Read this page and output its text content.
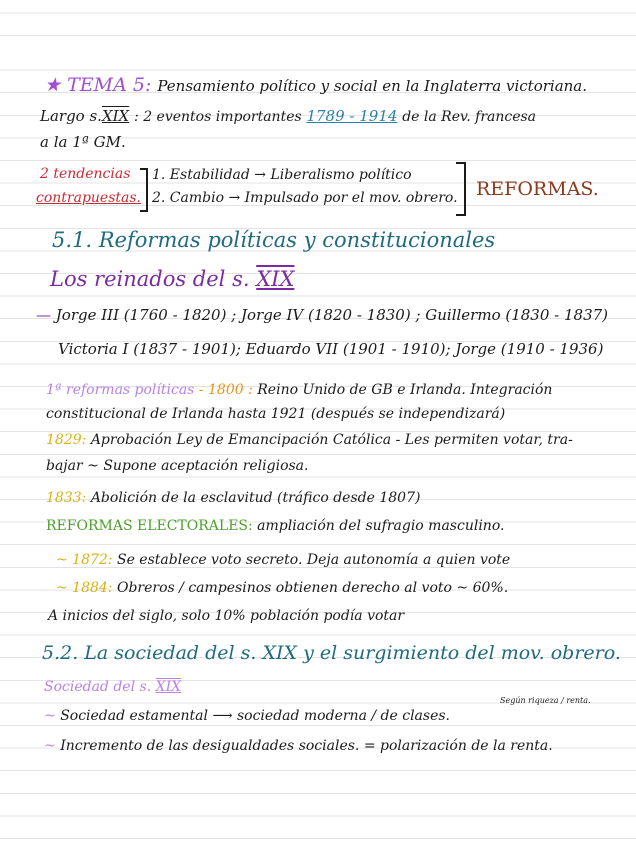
★ TEMA 5: Pensamiento político y social en la Inglaterra victoriana.
Largo s.XIX : 2 eventos importantes 1789 - 1914 de la Rev. francesa
a la 1ª GM.
2 tendencias
contrapuestas.
1. Estabilidad → Liberalismo político
2. Cambio → Impulsado por el mov. obrero. REFORMAS.
5.1. Reformas políticas y constitucionales
Los reinados del s. XIX
— Jorge III (1760 - 1820) ; Jorge IV (1820 - 1830) ; Guillermo (1830 - 1837)
Victoria I (1837 - 1901); Eduardo VII (1901 - 1910); Jorge (1910 - 1936)
1ª reformas políticas - 1800 : Reino Unido de GB e Irlanda. Integración
constitucional de Irlanda hasta 1921 (después se independizará)
1829: Aprobación Ley de Emancipación Católica - Les permiten votar, tra-
bajar ~ Supone aceptación religiosa.
1833: Abolición de la esclavitud (tráfico desde 1807)
REFORMAS ELECTORALES: ampliación del sufragio masculino.
~ 1872: Se establece voto secreto. Deja autonomía a quien vote
~ 1884: Obreros / campesinos obtienen derecho al voto ~ 60%.
A inicios del siglo, solo 10% población podía votar
5.2. La sociedad del s. XIX y el surgimiento del mov. obrero.
Sociedad del s. XIX
Según riqueza / renta.
~ Sociedad estamental ⟶ sociedad moderna / de clases.
~ Incremento de las desigualdades sociales. = polarización de la renta.
